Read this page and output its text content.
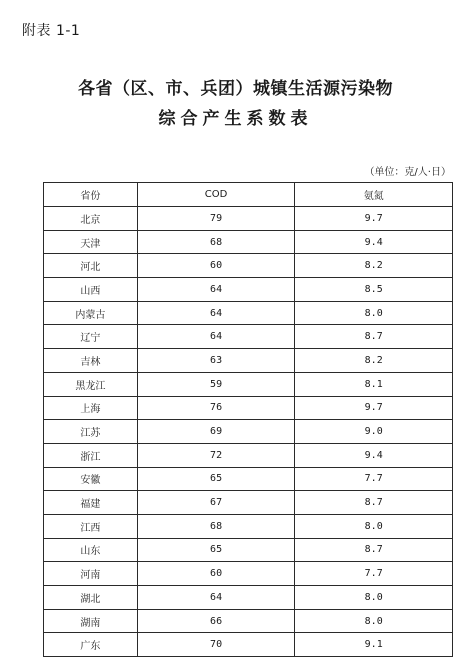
附表 1-1
各省（区、市、兵团）城镇生活源污染物
综合产生系数表
（单位：克/人·日）
省份	COD	氨氮
北京	79	9.7
天津	68	9.4
河北	60	8.2
山西	64	8.5
内蒙古	64	8.0
辽宁	64	8.7
吉林	63	8.2
黑龙江	59	8.1
上海	76	9.7
江苏	69	9.0
浙江	72	9.4
安徽	65	7.7
福建	67	8.7
江西	68	8.0
山东	65	8.7
河南	60	7.7
湖北	64	8.0
湖南	66	8.0
广东	70	9.1
